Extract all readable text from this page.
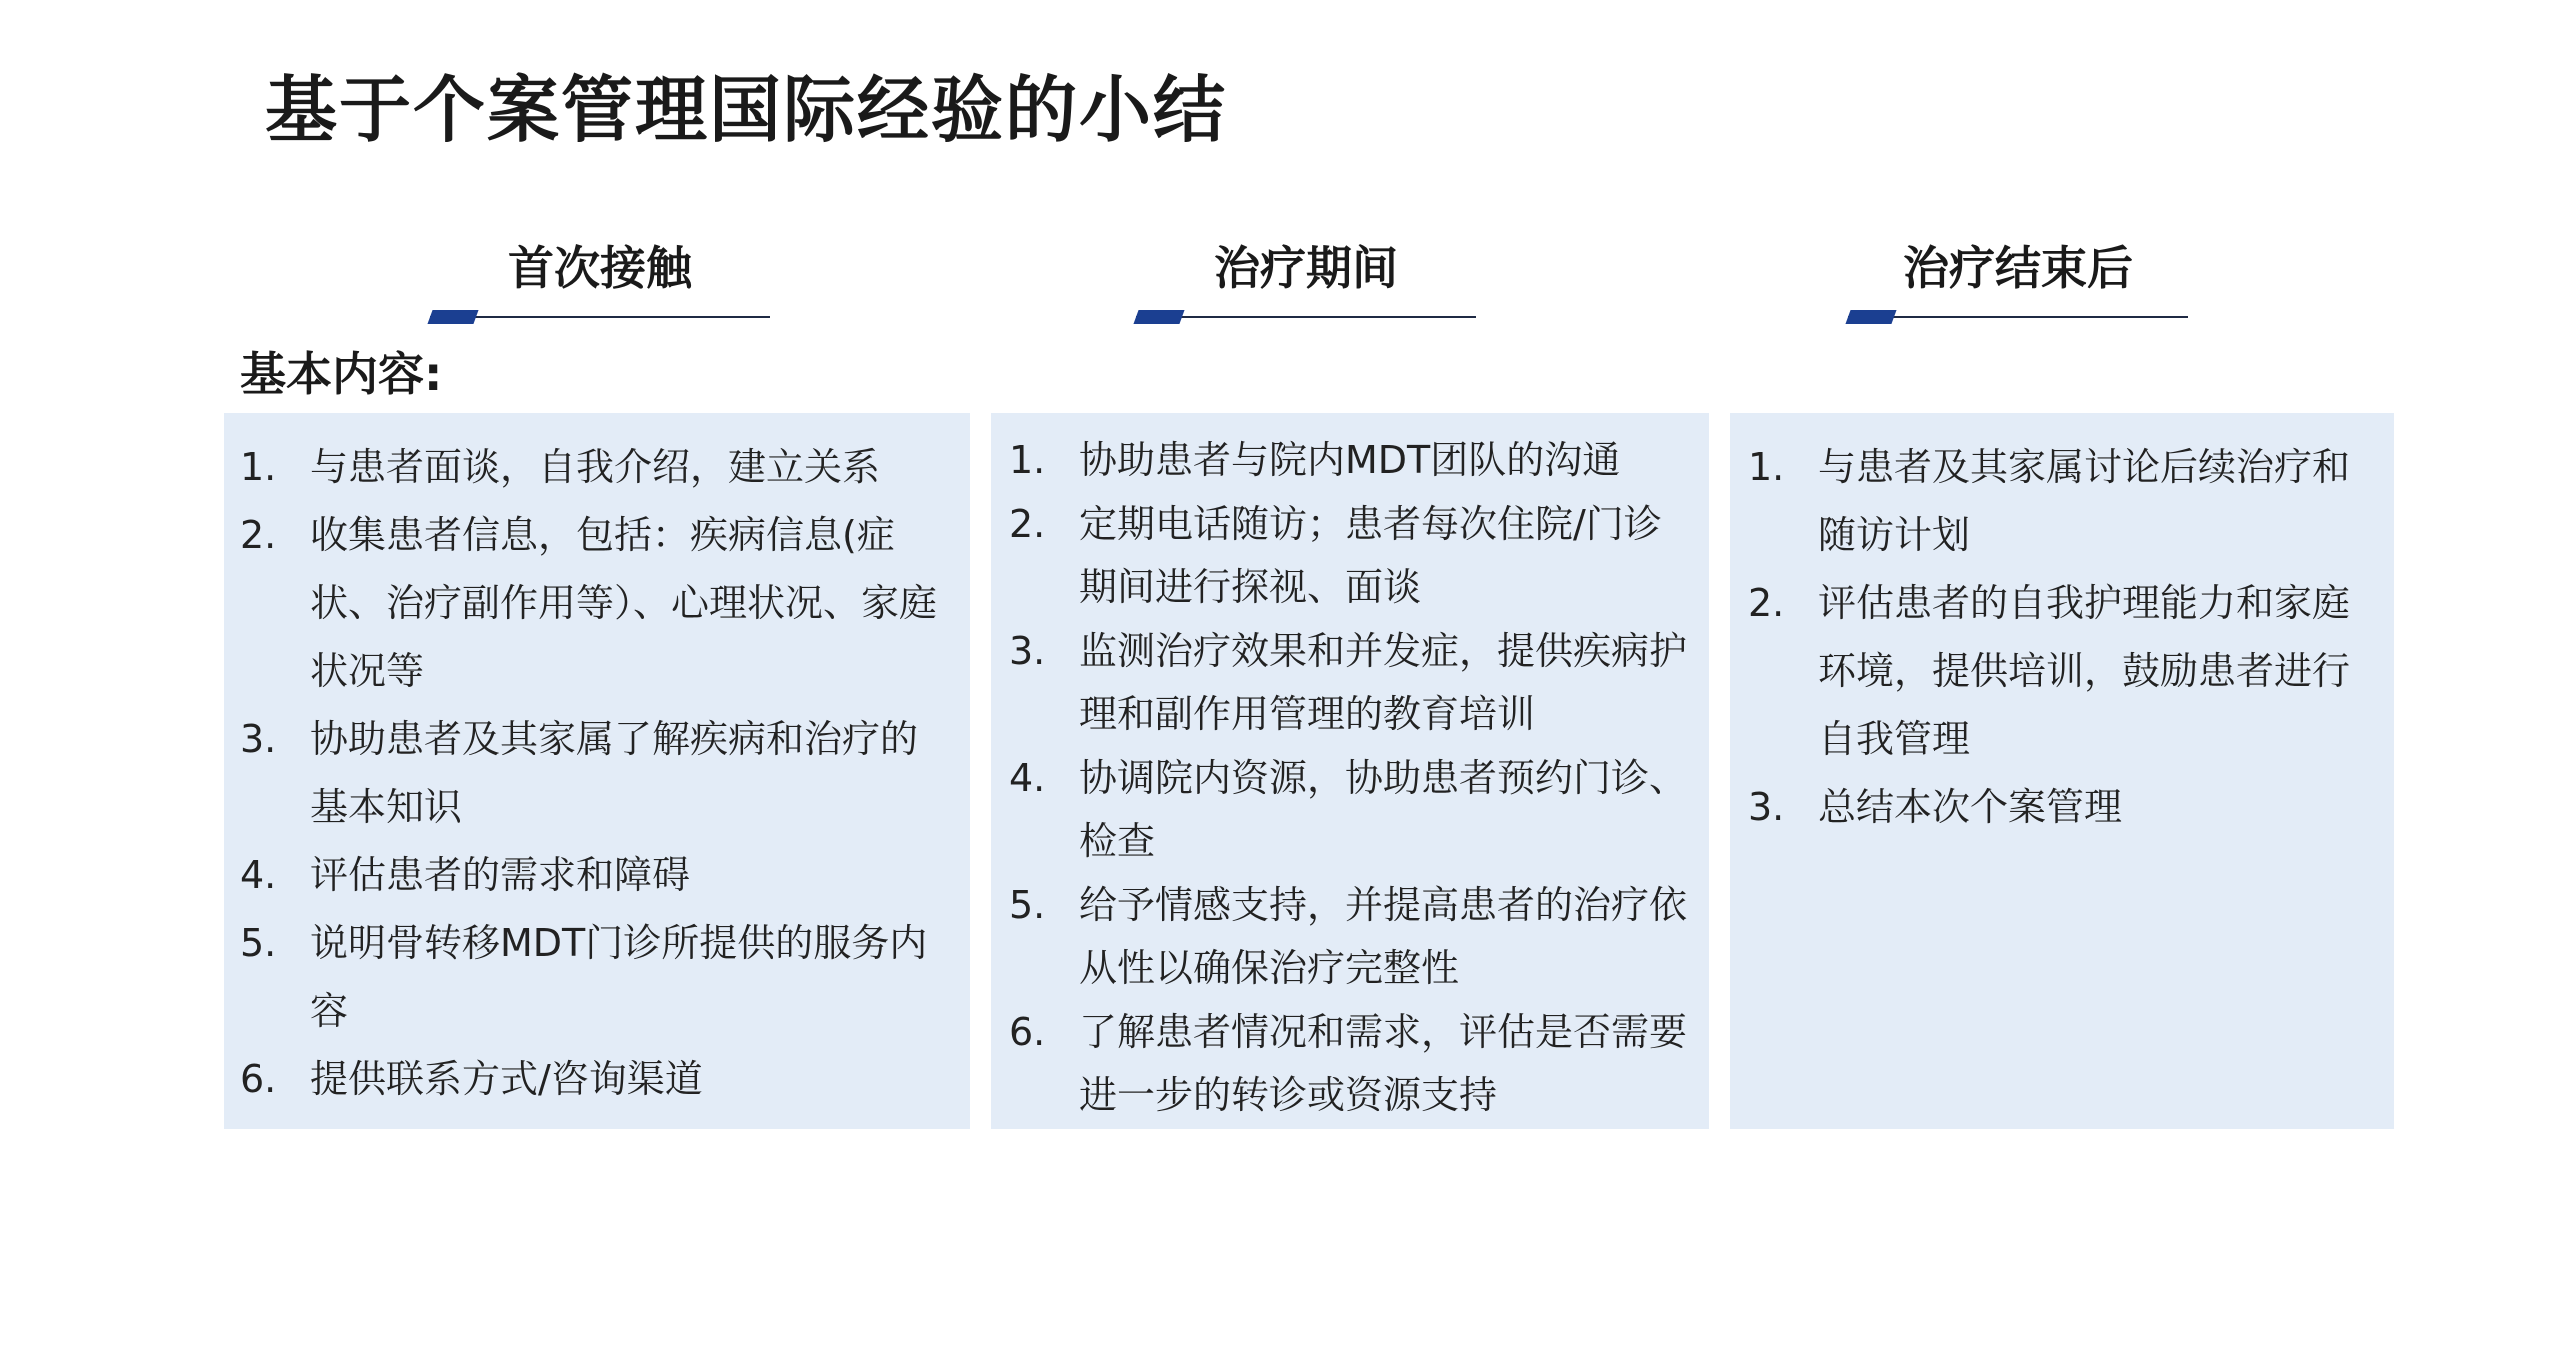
基于个案管理国际经验的小结
首次接触	治疗期间	治疗结束后

基本内容:

1. 与患者面谈，自我介绍，建立关系
2. 收集患者信息，包括：疾病信息(症状、治疗副作用等）、心理状况、家庭状况等
3. 协助患者及其家属了解疾病和治疗的基本知识
4. 评估患者的需求和障碍
5. 说明骨转移MDT门诊所提供的服务内容
6. 提供联系方式/咨询渠道
1. 协助患者与院内MDT团队的沟通
2. 定期电话随访；患者每次住院/门诊期间进行探视、面谈
3. 监测治疗效果和并发症，提供疾病护理和副作用管理的教育培训
4. 协调院内资源，协助患者预约门诊、检查
5. 给予情感支持，并提高患者的治疗依从性以确保治疗完整性
6. 了解患者情况和需求，评估是否需要进一步的转诊或资源支持
1. 与患者及其家属讨论后续治疗和随访计划
2. 评估患者的自我护理能力和家庭环境，提供培训，鼓励患者进行自我管理
3. 总结本次个案管理
